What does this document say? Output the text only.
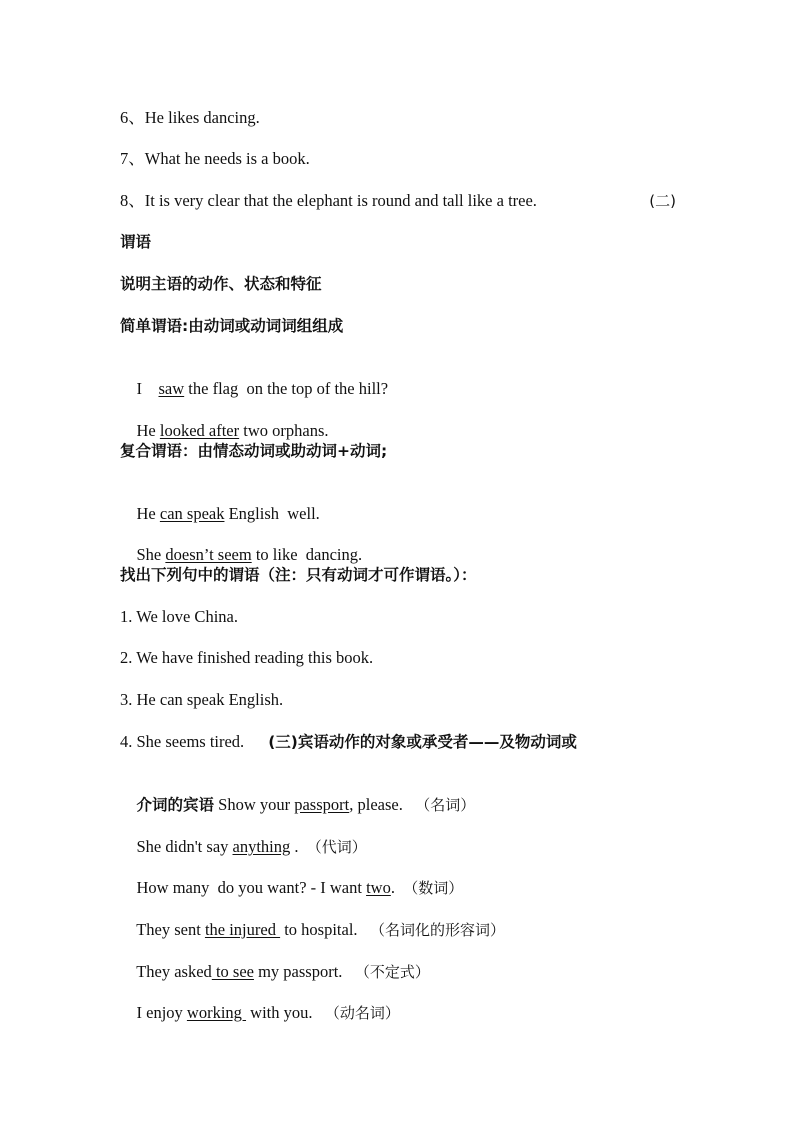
6、He likes dancing.
7、What he needs is a book.
8、It is very clear that the elephant is round and tall like a tree.	(二)
谓语
说明主语的动作、状态和特征
简单谓语:由动词或动词词组组成

I    saw the flag  on the top of the hill?

He looked after two orphans.

复合谓语：由情态动词或助动词+动词;

He can speak English  well.

She doesn’t seem to like  dancing.

找出下列句中的谓语（注：只有动词才可作谓语。）：
1. We love China.
2. We have finished reading this book.
3. He can speak English.
4. She seems tired. (三)宾语动作的对象或承受者——及物动词或

介词的宾语 Show your passport, please. （名词）

She didn't say anything . （代词）

How many  do you want? - I want two. （数词）

They sent the injured  to hospital. （名词化的形容词）

They asked to see my passport. （不定式）

I enjoy working  with you. （动名词）
